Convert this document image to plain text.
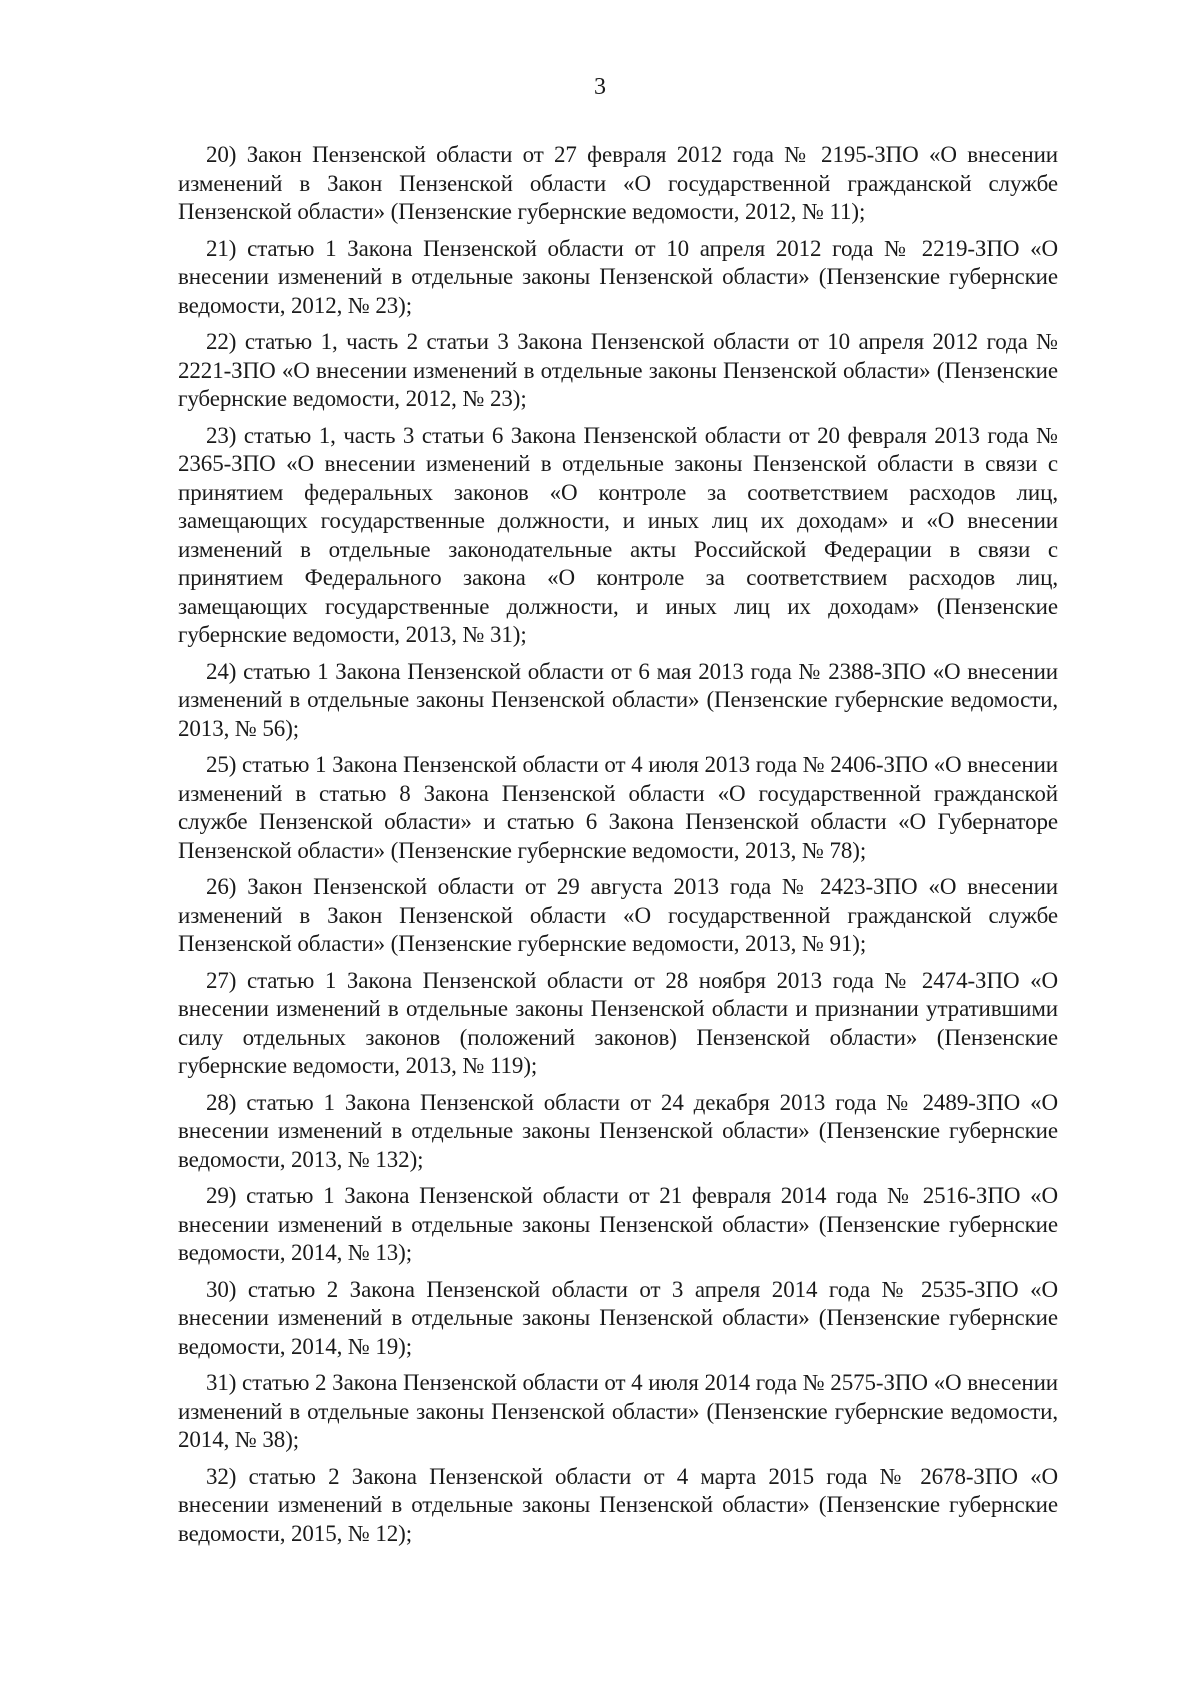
3

20) Закон Пензенской области от 27 февраля 2012 года № 2195-ЗПО «О внесении изменений в Закон Пензенской области «О государственной гражданской службе Пензенской области» (Пензенские губернские ведомости, 2012, № 11);

21) статью 1 Закона Пензенской области от 10 апреля 2012 года № 2219-ЗПО «О внесении изменений в отдельные законы Пензенской области» (Пензенские губернские ведомости, 2012, № 23);

22) статью 1, часть 2 статьи 3 Закона Пензенской области от 10 апреля 2012 года № 2221-ЗПО «О внесении изменений в отдельные законы Пензенской области» (Пензенские губернские ведомости, 2012, № 23);

23) статью 1, часть 3 статьи 6 Закона Пензенской области от 20 февраля 2013 года № 2365-ЗПО «О внесении изменений в отдельные законы Пензенской области в связи с принятием федеральных законов «О контроле за соответствием расходов лиц, замещающих государственные должности, и иных лиц их доходам» и «О внесении изменений в отдельные законодательные акты Российской Федерации в связи с принятием Федерального закона «О контроле за соответствием расходов лиц, замещающих государственные должности, и иных лиц их доходам» (Пензенские губернские ведомости, 2013, № 31);

24) статью 1 Закона Пензенской области от 6 мая 2013 года № 2388-ЗПО «О внесении изменений в отдельные законы Пензенской области» (Пензенские губернские ведомости, 2013, № 56);

25) статью 1 Закона Пензенской области от 4 июля 2013 года № 2406-ЗПО «О внесении изменений в статью 8 Закона Пензенской области «О государственной гражданской службе Пензенской области» и статью 6 Закона Пензенской области «О Губернаторе Пензенской области» (Пензенские губернские ведомости, 2013, № 78);

26) Закон Пензенской области от 29 августа 2013 года № 2423-ЗПО «О внесении изменений в Закон Пензенской области «О государственной гражданской службе Пензенской области» (Пензенские губернские ведомости, 2013, № 91);

27) статью 1 Закона Пензенской области от 28 ноября 2013 года № 2474-ЗПО «О внесении изменений в отдельные законы Пензенской области и признании утратившими силу отдельных законов (положений законов) Пензенской области» (Пензенские губернские ведомости, 2013, № 119);

28) статью 1 Закона Пензенской области от 24 декабря 2013 года № 2489-ЗПО «О внесении изменений в отдельные законы Пензенской области» (Пензенские губернские ведомости, 2013, № 132);

29) статью 1 Закона Пензенской области от 21 февраля 2014 года № 2516-ЗПО «О внесении изменений в отдельные законы Пензенской области» (Пензенские губернские ведомости, 2014, № 13);

30) статью 2 Закона Пензенской области от 3 апреля 2014 года № 2535-ЗПО «О внесении изменений в отдельные законы Пензенской области» (Пензенские губернские ведомости, 2014, № 19);

31) статью 2 Закона Пензенской области от 4 июля 2014 года № 2575-ЗПО «О внесении изменений в отдельные законы Пензенской области» (Пензенские губернские ведомости, 2014, № 38);

32) статью 2 Закона Пензенской области от 4 марта 2015 года № 2678-ЗПО «О внесении изменений в отдельные законы Пензенской области» (Пензенские губернские ведомости, 2015, № 12);
